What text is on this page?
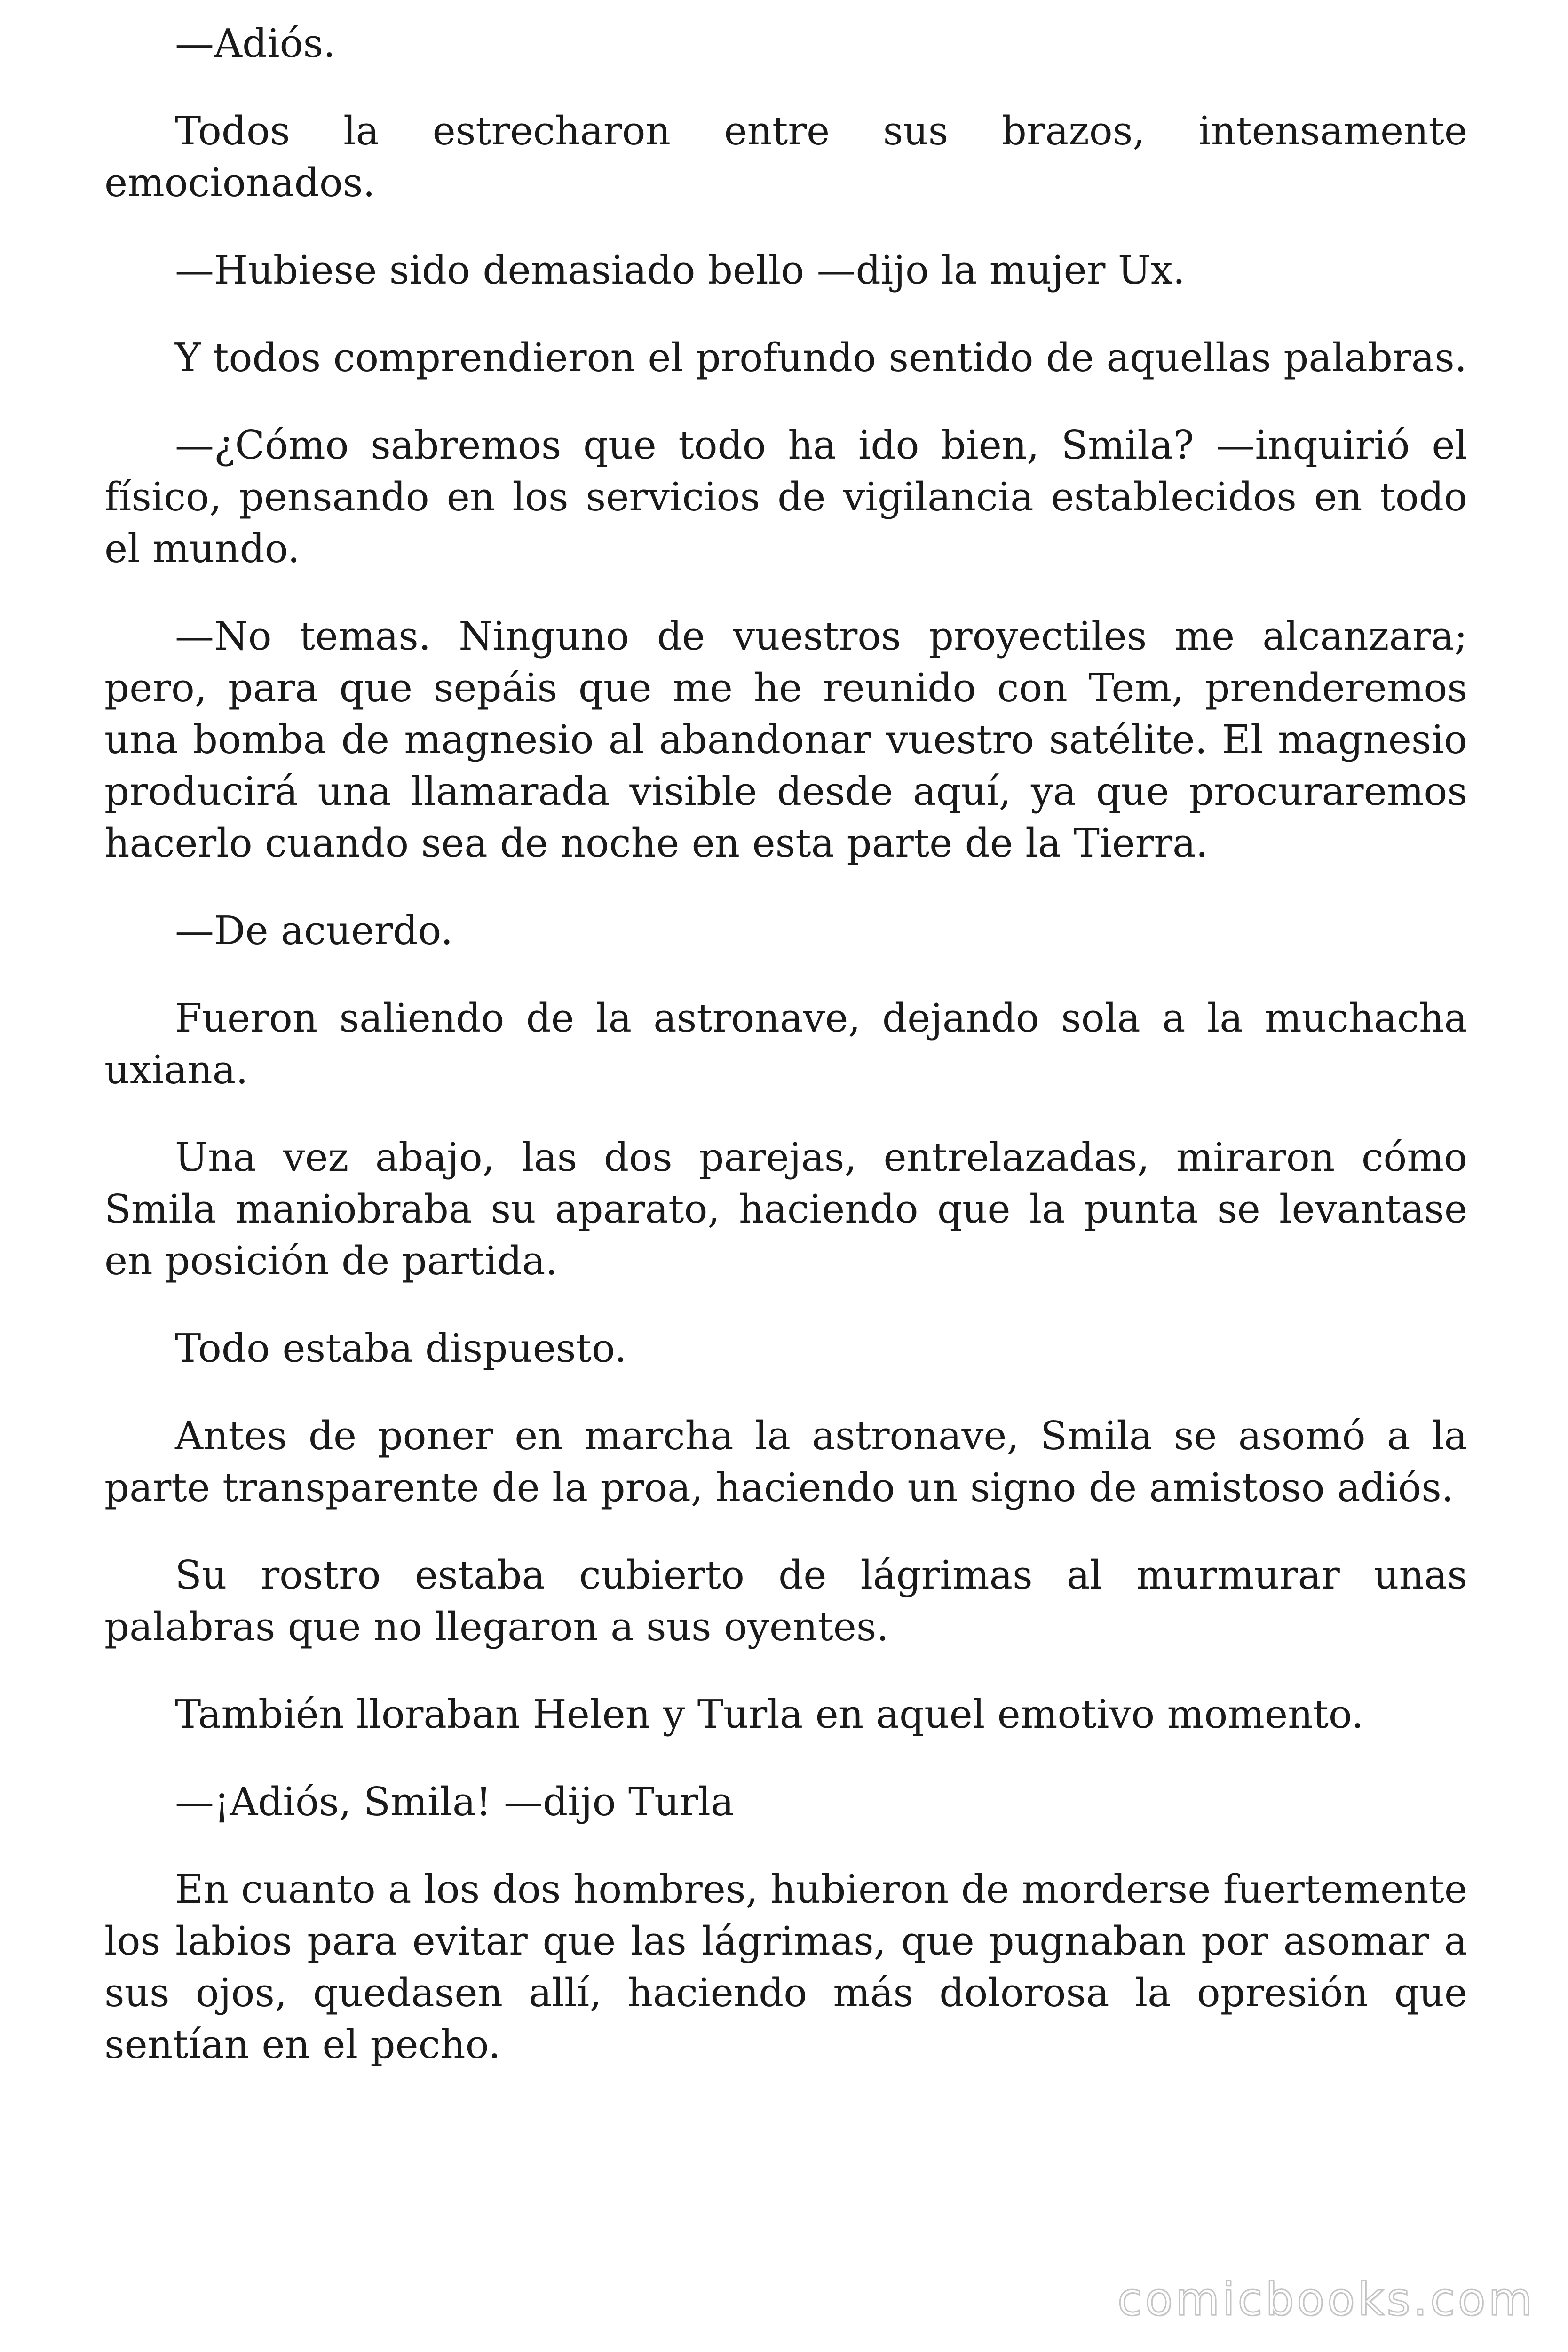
—Adiós.

Todos la estrecharon entre sus brazos, intensamente emocionados.

—Hubiese sido demasiado bello —dijo la mujer Ux.

Y todos comprendieron el profundo sentido de aquellas palabras.

—¿Cómo sabremos que todo ha ido bien, Smila? —inquirió el físico, pensando en los servicios de vigilancia establecidos en todo el mundo.

—No temas. Ninguno de vuestros proyectiles me alcanzara; pero, para que sepáis que me he reunido con Tem, prenderemos una bomba de magnesio al abandonar vuestro satélite. El magnesio producirá una llamarada visible desde aquí, ya que procuraremos hacerlo cuando sea de noche en esta parte de la Tierra.

—De acuerdo.

Fueron saliendo de la astronave, dejando sola a la muchacha uxiana.

Una vez abajo, las dos parejas, entrelazadas, miraron cómo Smila maniobraba su aparato, haciendo que la punta se levantase en posición de partida.

Todo estaba dispuesto.

Antes de poner en marcha la astronave, Smila se asomó a la parte transparente de la proa, haciendo un signo de amistoso adiós.

Su rostro estaba cubierto de lágrimas al murmurar unas palabras que no llegaron a sus oyentes.

También lloraban Helen y Turla en aquel emotivo momento.

—¡Adiós, Smila! —dijo Turla

En cuanto a los dos hombres, hubieron de morderse fuertemente los labios para evitar que las lágrimas, que pugnaban por asomar a sus ojos, quedasen allí, haciendo más dolorosa la opresión que sentían en el pecho.

comicbooks.com
